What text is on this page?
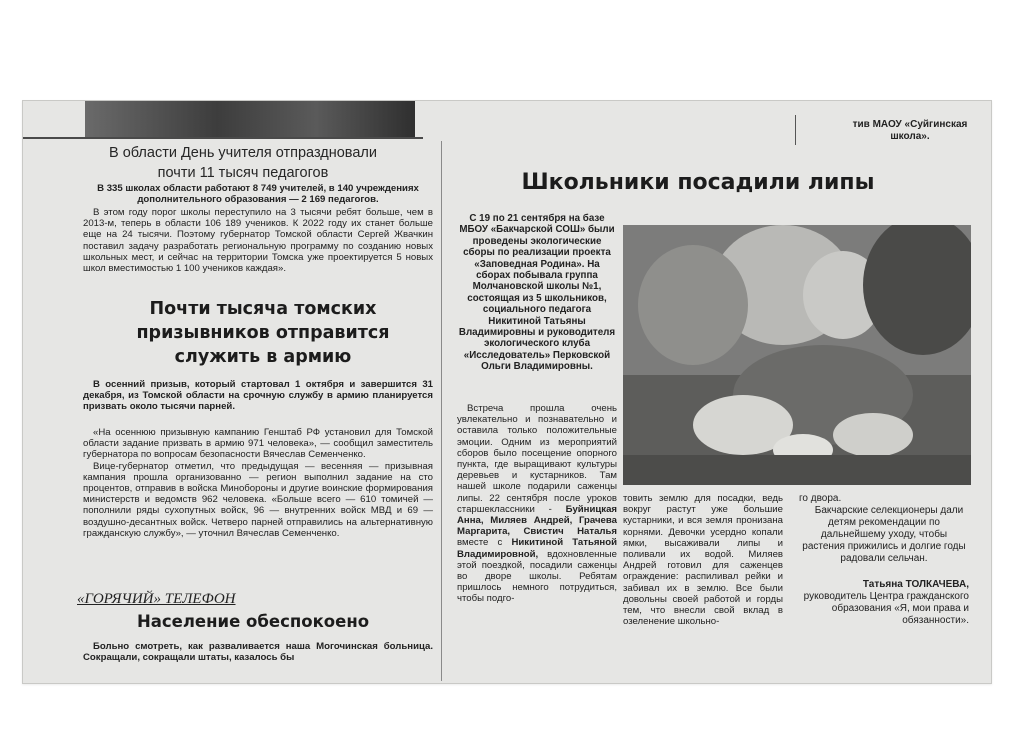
тив МАОУ «Суйгинская школа».
В области День учителя отпраздновали
почти 11 тысяч педагогов
В 335 школах области работают 8 749 учителей, в 140 учреждениях дополнительного образования — 2 169 педагогов.
В этом году порог школы переступило на 3 тысячи ребят больше, чем в 2013-м, теперь в области 106 189 учеников. К 2022 году их станет больше еще на 24 тысячи. Поэтому губернатор Томской области Сергей Жвачкин поставил задачу разработать региональную программу по созданию новых школьных мест, и сейчас на территории Томска уже проектируется 5 новых школ вместимостью 1 100 учеников каждая».
Почти тысяча томских призывников отправится служить в армию
В осенний призыв, который стартовал 1 октября и завершится 31 декабря, из Томской области на срочную службу в армию планируется призвать около тысячи парней.

«На осеннюю призывную кампанию Генштаб РФ установил для Томской области задание призвать в армию 971 человека», — сообщил заместитель губернатора по вопросам безопасности Вячеслав Семенченко.

Вице-губернатор отметил, что предыдущая — весенняя — призывная кампания прошла организованно — регион выполнил задание на сто процентов, отправив в войска Минобороны и другие воинские формирования министерств и ведомств 962 человека. «Больше всего — 610 томичей — пополнили ряды сухопутных войск, 96 — внутренних войск МВД и 69 — воздушно-десантных войск. Четверо парней отправились на альтернативную гражданскую службу», — уточнил Вячеслав Семенченко.

«ГОРЯЧИЙ» ТЕЛЕФОН
Население обеспокоено
Больно смотреть, как разваливается наша Могочинская больница. Сокращали, сокращали штаты, казалось бы
Школьники посадили липы
С 19 по 21 сентября на базе МБОУ «Бакчарской СОШ» были проведены экологические сборы по реализации проекта «Заповедная Родина». На сборах побывала группа Молчановской школы №1, состоящая из 5 школьников, социального педагога Никитиной Татьяны Владимировны и руководителя экологического клуба «Исследователь» Перковской Ольги Владимировны.

Встреча прошла очень увлекательно и познавательно и оставила только положительные эмоции. Одним из мероприятий сборов было посещение опорного пункта, где выращивают культуры деревьев и кустарников. Там нашей школе подарили саженцы липы. 22 сентября после уроков старшеклассники - Буйницкая Анна, Миляев Андрей, Грачева Маргарита, Свистич Наталья вместе с Никитиной Татьяной Владимировной, вдохновленные этой поездкой, посадили саженцы во дворе школы. Ребятам пришлось немного потрудиться, чтобы подго-

товить землю для посадки, ведь вокруг растут уже большие кустарники, и вся земля пронизана корнями. Девочки усердно копали ямки, высаживали липы и поливали их водой. Миляев Андрей готовил для саженцев ограждение: распиливал рейки и забивал их в землю. Все были довольны своей работой и горды тем, что внесли свой вклад в озеленение школьно-
го двора.
Бакчарские селекционеры дали детям рекомендации по дальнейшему уходу, чтобы растения прижились и долгие годы радовали сельчан.
Татьяна ТОЛКАЧЕВА,
руководитель Центра гражданского образования «Я, мои права и обязанности».
